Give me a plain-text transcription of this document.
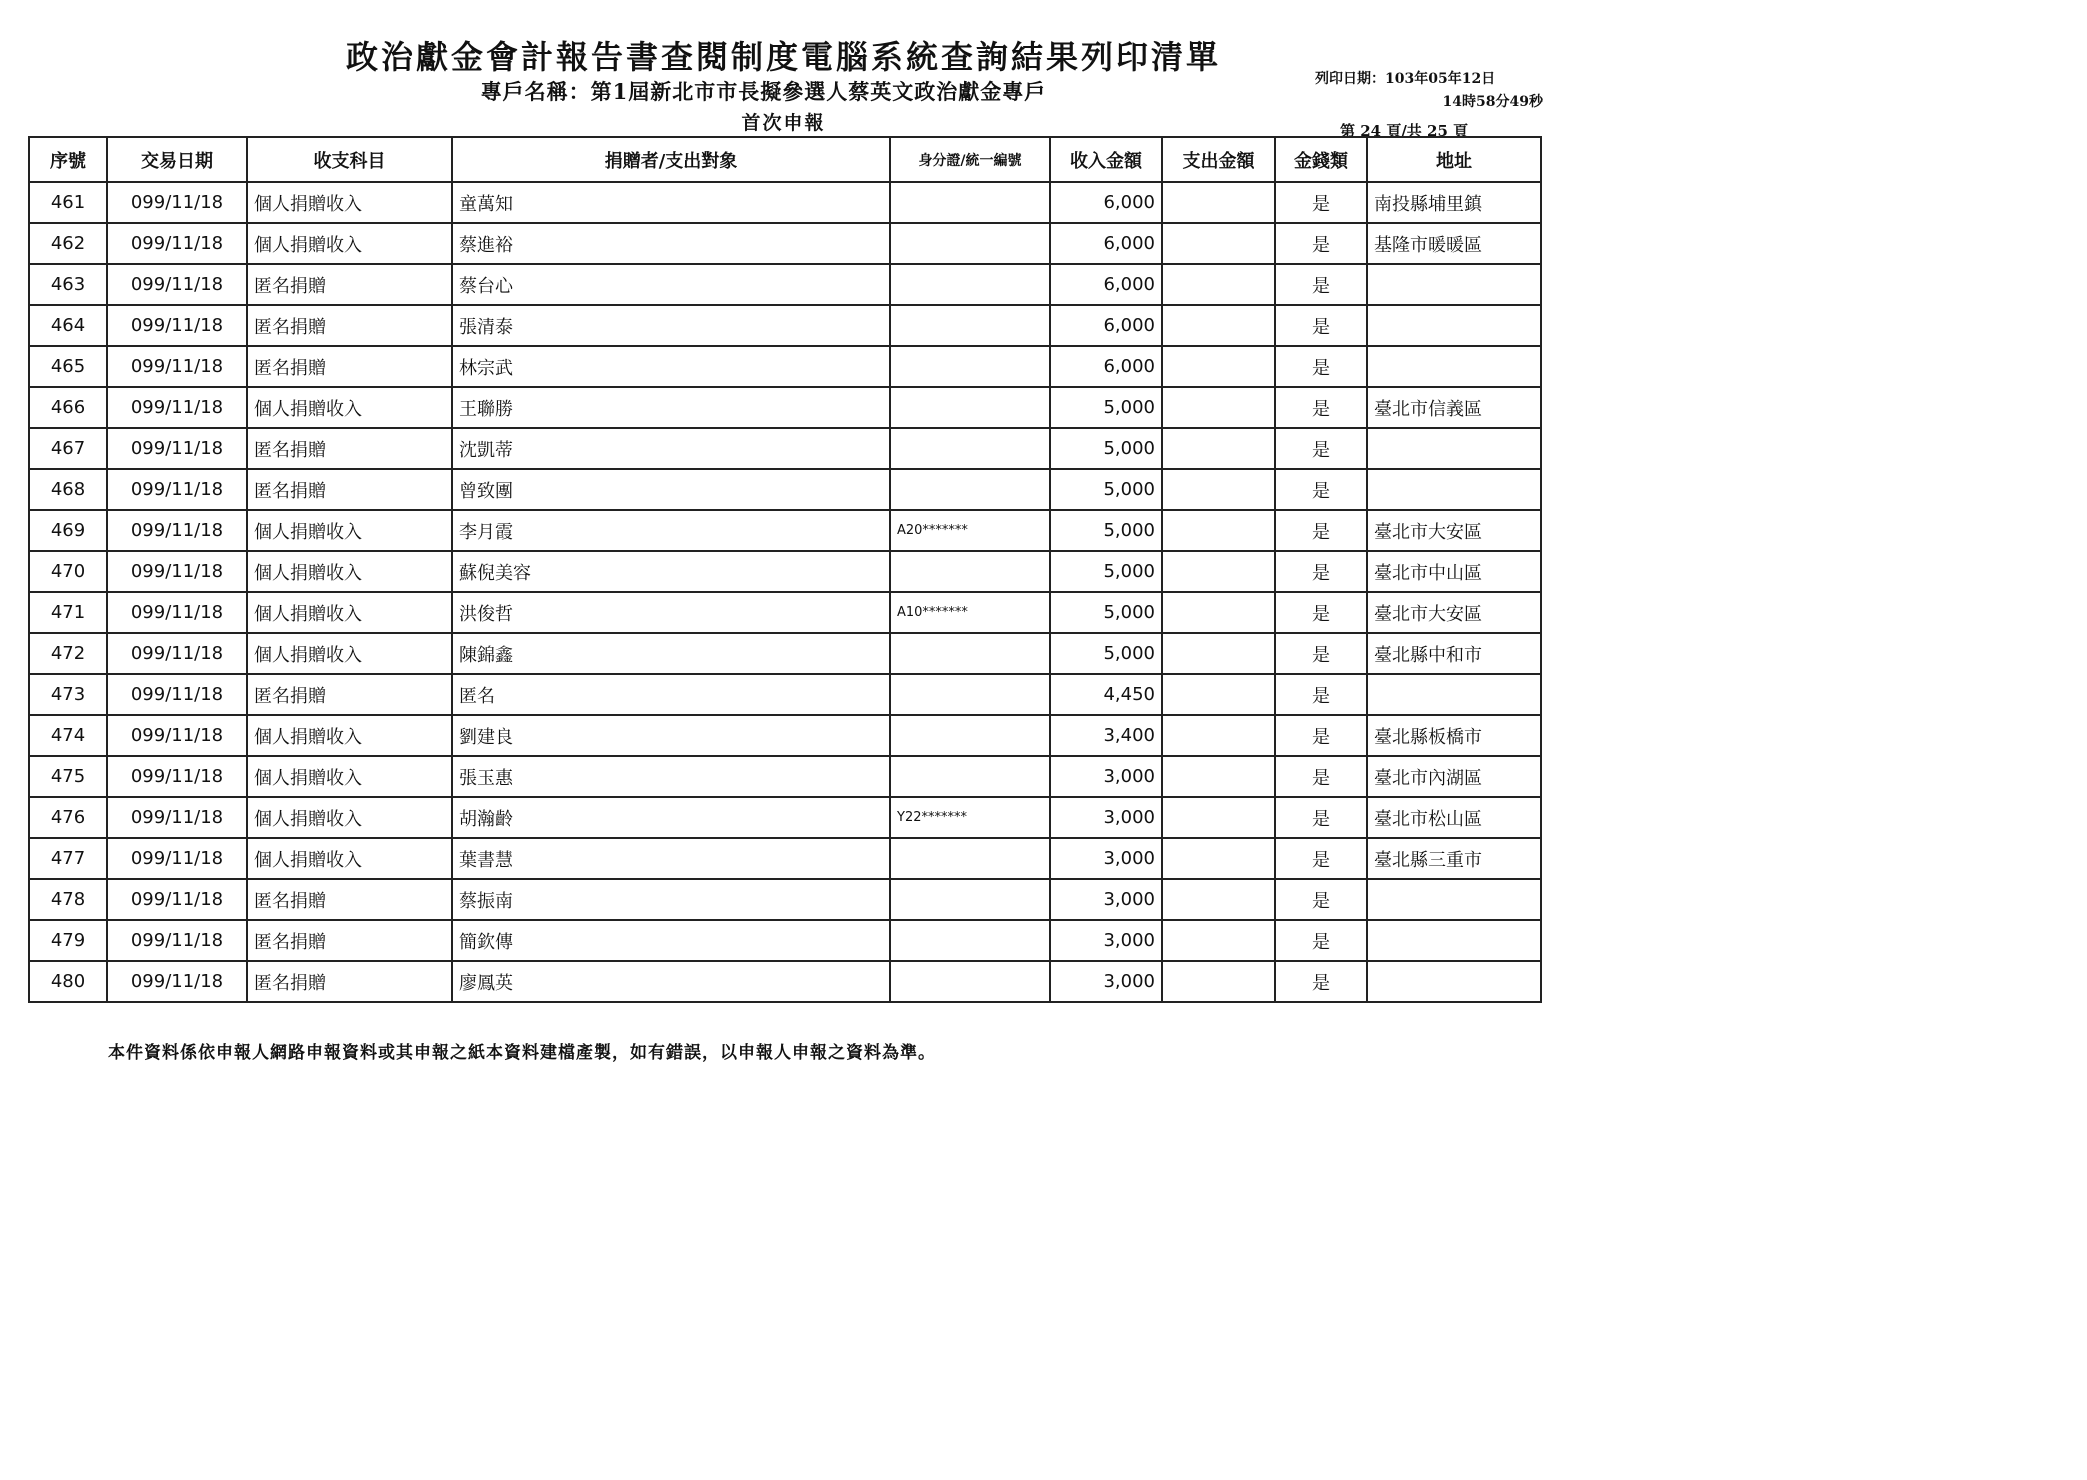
政治獻金會計報告書查閱制度電腦系統查詢結果列印清單
專戶名稱：第1屆新北市市長擬參選人蔡英文政治獻金專戶
首次申報
列印日期：103年05年12日
14時58分49秒
第 24 頁/共 25 頁
序號	交易日期	收支科目	捐贈者/支出對象	身分證/統一編號	收入金額	支出金額	金錢類	地址
461	099/11/18	個人捐贈收入	童萬知		6,000		是	南投縣埔里鎮
462	099/11/18	個人捐贈收入	蔡進裕		6,000		是	基隆市暖暖區
463	099/11/18	匿名捐贈	蔡台心		6,000		是	
464	099/11/18	匿名捐贈	張清泰		6,000		是	
465	099/11/18	匿名捐贈	林宗武		6,000		是	
466	099/11/18	個人捐贈收入	王聯勝		5,000		是	臺北市信義區
467	099/11/18	匿名捐贈	沈凱蒂		5,000		是	
468	099/11/18	匿名捐贈	曾致團		5,000		是	
469	099/11/18	個人捐贈收入	李月霞	A20*******	5,000		是	臺北市大安區
470	099/11/18	個人捐贈收入	蘇倪美容		5,000		是	臺北市中山區
471	099/11/18	個人捐贈收入	洪俊哲	A10*******	5,000		是	臺北市大安區
472	099/11/18	個人捐贈收入	陳錦鑫		5,000		是	臺北縣中和市
473	099/11/18	匿名捐贈	匿名		4,450		是	
474	099/11/18	個人捐贈收入	劉建良		3,400		是	臺北縣板橋市
475	099/11/18	個人捐贈收入	張玉惠		3,000		是	臺北市內湖區
476	099/11/18	個人捐贈收入	胡瀚齡	Y22*******	3,000		是	臺北市松山區
477	099/11/18	個人捐贈收入	葉書慧		3,000		是	臺北縣三重市
478	099/11/18	匿名捐贈	蔡振南		3,000		是	
479	099/11/18	匿名捐贈	簡欽傳		3,000		是	
480	099/11/18	匿名捐贈	廖鳳英		3,000		是	
本件資料係依申報人網路申報資料或其申報之紙本資料建檔產製，如有錯誤，以申報人申報之資料為準。
